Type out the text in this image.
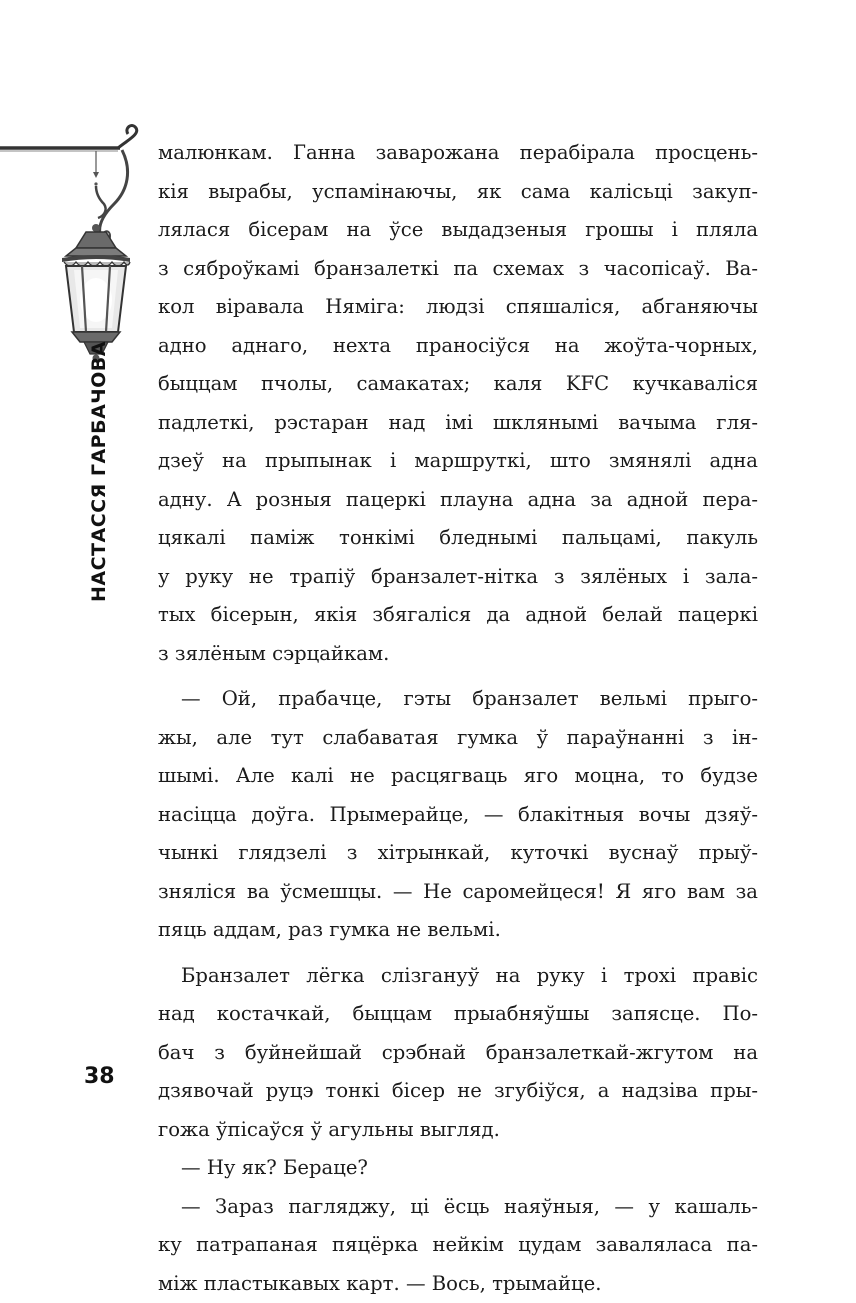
НАСТАССЯ ГАРБАЧОВА
38
малюнкам. Ганна заварожана перабірала просцень-
кія вырабы, успамінаючы, як сама калісьці закуп-
лялася бісерам на ўсе выдадзеныя грошы і пляла
з сяброўкамі бранзалеткі па схемах з часопісаў. Ва-
кол віравала Няміга: людзі спяшаліся, абганяючы
адно аднаго, нехта праносіўся на жоўта-чорных,
быццам пчолы, самакатах; каля KFC кучкаваліся
падлеткі, рэстаран над імі шклянымі вачыма гля-
дзеў на прыпынак і маршруткі, што змянялі адна
адну. А розныя пацеркі плауна адна за адной пера-
цякалі паміж тонкімі бледнымі пальцамі, пакуль
у руку не трапіў бранзалет-нітка з зялёных і зала-
тых бісерын, якія збягаліся да адной белай пацеркі
з зялёным сэрцайкам.
— Ой, прабачце, гэты бранзалет вельмі прыго-
жы, але тут слабаватая гумка ў параўнанні з ін-
шымі. Але калі не расцягваць яго моцна, то будзе
насіцца доўга. Прымерайце, — блакітныя вочы дзяў-
чынкі глядзелі з хітрынкай, куточкі вуснаў прыў-
зняліся ва ўсмешцы. — Не саромейцеся! Я яго вам за
пяць аддам, раз гумка не вельмі.
Бранзалет лёгка слізгануў на руку і трохі правіс
над костачкай, быццам прыабняўшы запясце. По-
бач з буйнейшай срэбнай бранзалеткай-жгутом на
дзявочай руцэ тонкі бісер не згубіўся, а надзіва пры-
гожа ўпісаўся ў агульны выгляд.
— Ну як? Бераце?
— Зараз пагляджу, ці ёсць наяўныя, — у кашаль-
ку патрапаная пяцёрка нейкім цудам заваляласа па-
між пластыкавых карт. — Вось, трымайце.
